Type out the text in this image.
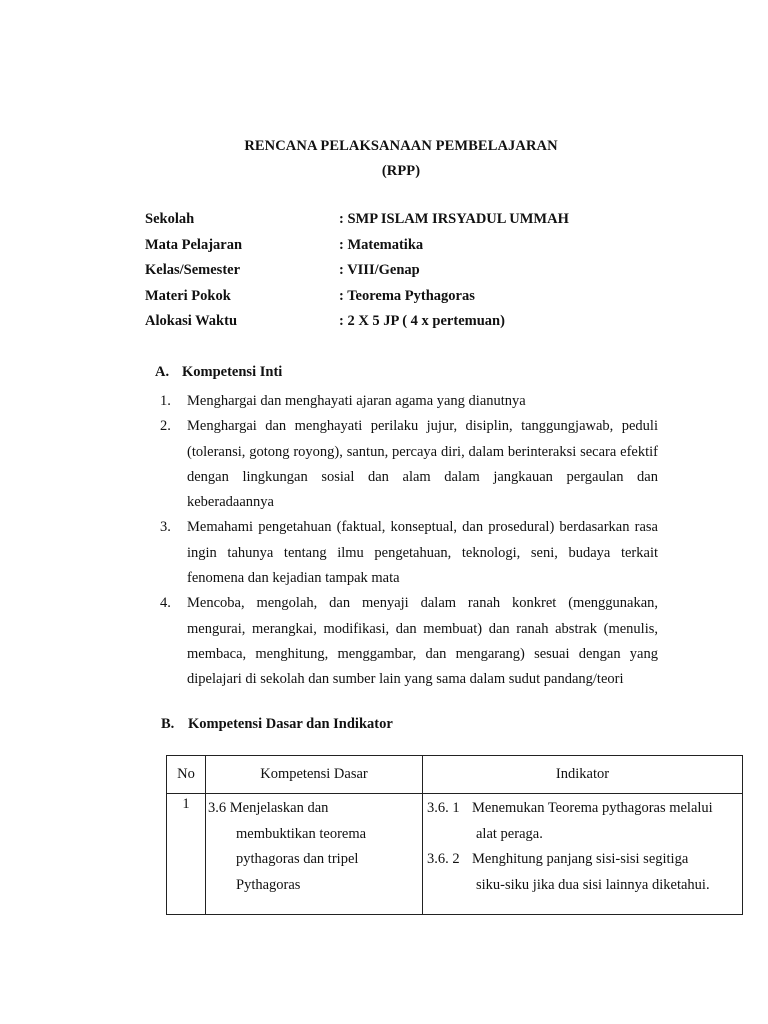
RENCANA PELAKSANAAN PEMBELAJARAN
(RPP)
Sekolah	: SMP ISLAM IRSYADUL UMMAH
Mata Pelajaran	: Matematika
Kelas/Semester	: VIII/Genap
Materi Pokok	: Teorema Pythagoras
Alokasi Waktu	: 2 X 5 JP ( 4 x pertemuan)
A. Kompetensi Inti
1. Menghargai dan menghayati ajaran agama yang dianutnya
2. Menghargai dan menghayati perilaku jujur, disiplin, tanggungjawab, peduli (toleransi, gotong royong), santun, percaya diri, dalam berinteraksi secara efektif dengan lingkungan sosial dan alam dalam jangkauan pergaulan dan keberadaannya
3. Memahami pengetahuan (faktual, konseptual, dan prosedural) berdasarkan rasa ingin tahunya tentang ilmu pengetahuan, teknologi, seni, budaya terkait fenomena dan kejadian tampak mata
4. Mencoba, mengolah, dan menyaji dalam ranah konkret (menggunakan, mengurai, merangkai, modifikasi, dan membuat) dan ranah abstrak (menulis, membaca, menghitung, menggambar, dan mengarang) sesuai dengan yang dipelajari di sekolah dan sumber lain yang sama dalam sudut pandang/teori
B. Kompetensi Dasar dan Indikator
No	Kompetensi Dasar	Indikator
1	3.6 Menjelaskan dan
membuktikan teorema
pythagoras dan tripel
Pythagoras	3.6. 1 Menemukan Teorema pythagoras melalui
alat peraga.
3.6. 2 Menghitung panjang sisi-sisi segitiga
siku-siku jika dua sisi lainnya diketahui.
